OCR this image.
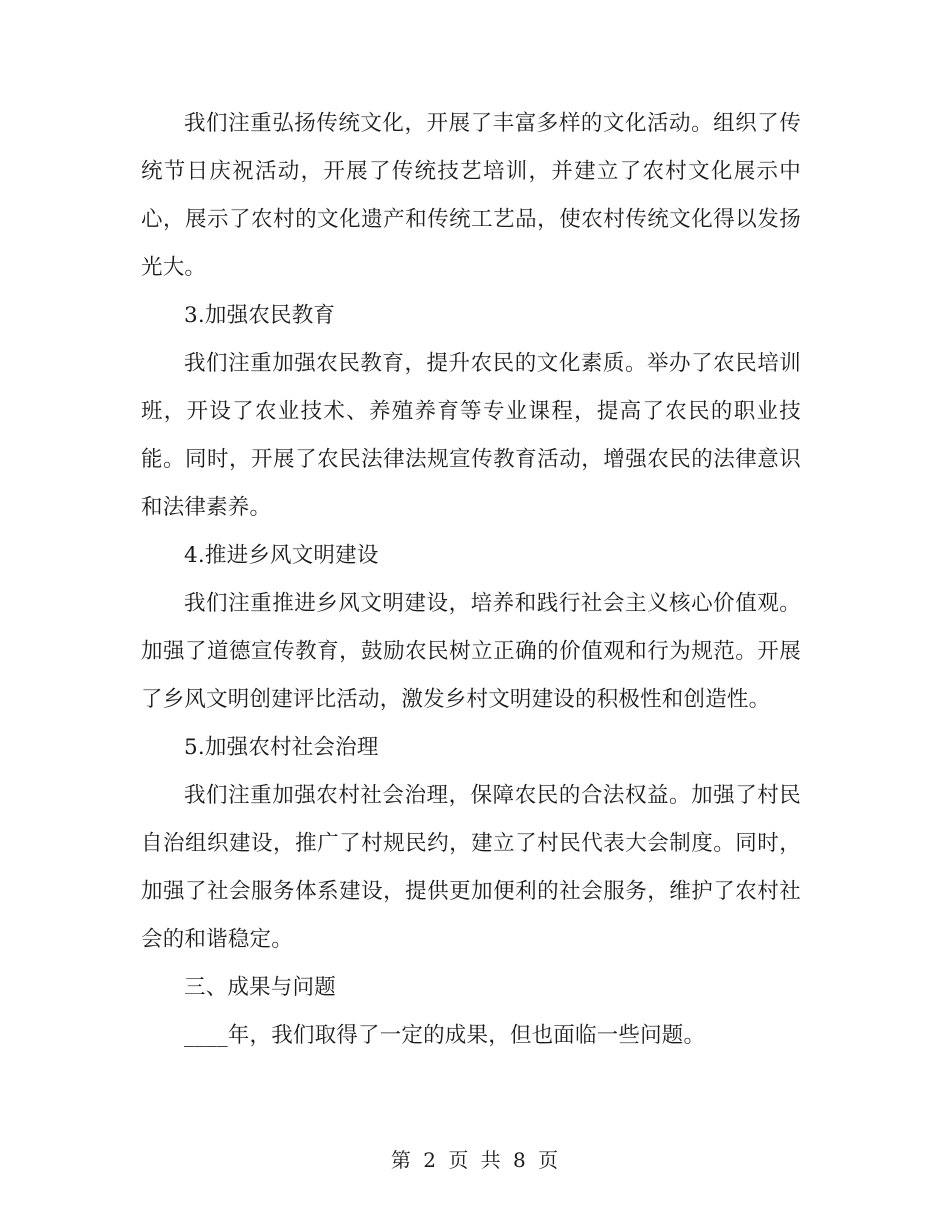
我们注重弘扬传统文化，开展了丰富多样的文化活动。组织了传统节日庆祝活动，开展了传统技艺培训，并建立了农村文化展示中心，展示了农村的文化遗产和传统工艺品，使农村传统文化得以发扬光大。

3.加强农民教育

我们注重加强农民教育，提升农民的文化素质。举办了农民培训班，开设了农业技术、养殖养育等专业课程，提高了农民的职业技能。同时，开展了农民法律法规宣传教育活动，增强农民的法律意识和法律素养。

4.推进乡风文明建设

我们注重推进乡风文明建设，培养和践行社会主义核心价值观。加强了道德宣传教育，鼓励农民树立正确的价值观和行为规范。开展了乡风文明创建评比活动，激发乡村文明建设的积极性和创造性。

5.加强农村社会治理

我们注重加强农村社会治理，保障农民的合法权益。加强了村民自治组织建设，推广了村规民约，建立了村民代表大会制度。同时，加强了社会服务体系建设，提供更加便利的社会服务，维护了农村社会的和谐稳定。

三、成果与问题

____年，我们取得了一定的成果，但也面临一些问题。

第 2 页 共 8 页
